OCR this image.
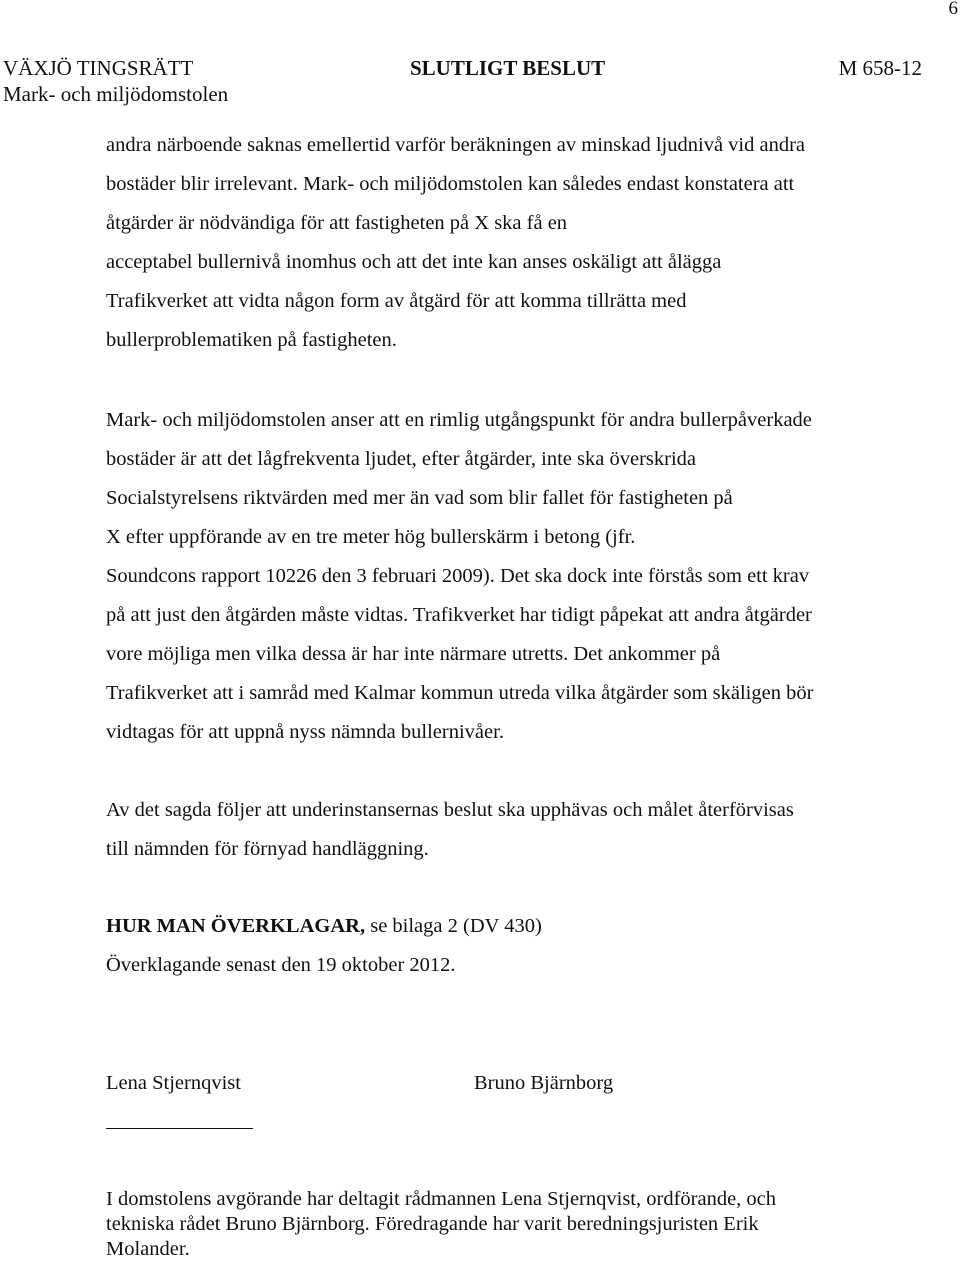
6
VÄXJÖ TINGSRÄTT
Mark- och miljödomstolen
SLUTLIGT BESLUT	M 658-12

andra närboende saknas emellertid varför beräkningen av minskad ljudnivå vid andra
bostäder blir irrelevant. Mark- och miljödomstolen kan således endast konstatera att
åtgärder är nödvändiga för att fastigheten på X ska få en
acceptabel bullernivå inomhus och att det inte kan anses oskäligt att ålägga
Trafikverket att vidta någon form av åtgärd för att komma tillrätta med
bullerproblematiken på fastigheten.

Mark- och miljödomstolen anser att en rimlig utgångspunkt för andra bullerpåverkade
bostäder är att det lågfrekventa ljudet, efter åtgärder, inte ska överskrida
Socialstyrelsens riktvärden med mer än vad som blir fallet för fastigheten på
X efter uppförande av en tre meter hög bullerskärm i betong (jfr.
Soundcons rapport 10226 den 3 februari 2009). Det ska dock inte förstås som ett krav
på att just den åtgärden måste vidtas. Trafikverket har tidigt påpekat att andra åtgärder
vore möjliga men vilka dessa är har inte närmare utretts. Det ankommer på
Trafikverket att i samråd med Kalmar kommun utreda vilka åtgärder som skäligen bör
vidtagas för att uppnå nyss nämnda bullernivåer.

Av det sagda följer att underinstansernas beslut ska upphävas och målet återförvisas
till nämnden för förnyad handläggning.

HUR MAN ÖVERKLAGAR, se bilaga 2 (DV 430)
Överklagande senast den 19 oktober 2012.

Lena Stjernqvist	Bruno Bjärnborg

I domstolens avgörande har deltagit rådmannen Lena Stjernqvist, ordförande, och
tekniska rådet Bruno Bjärnborg. Föredragande har varit beredningsjuristen Erik
Molander.
